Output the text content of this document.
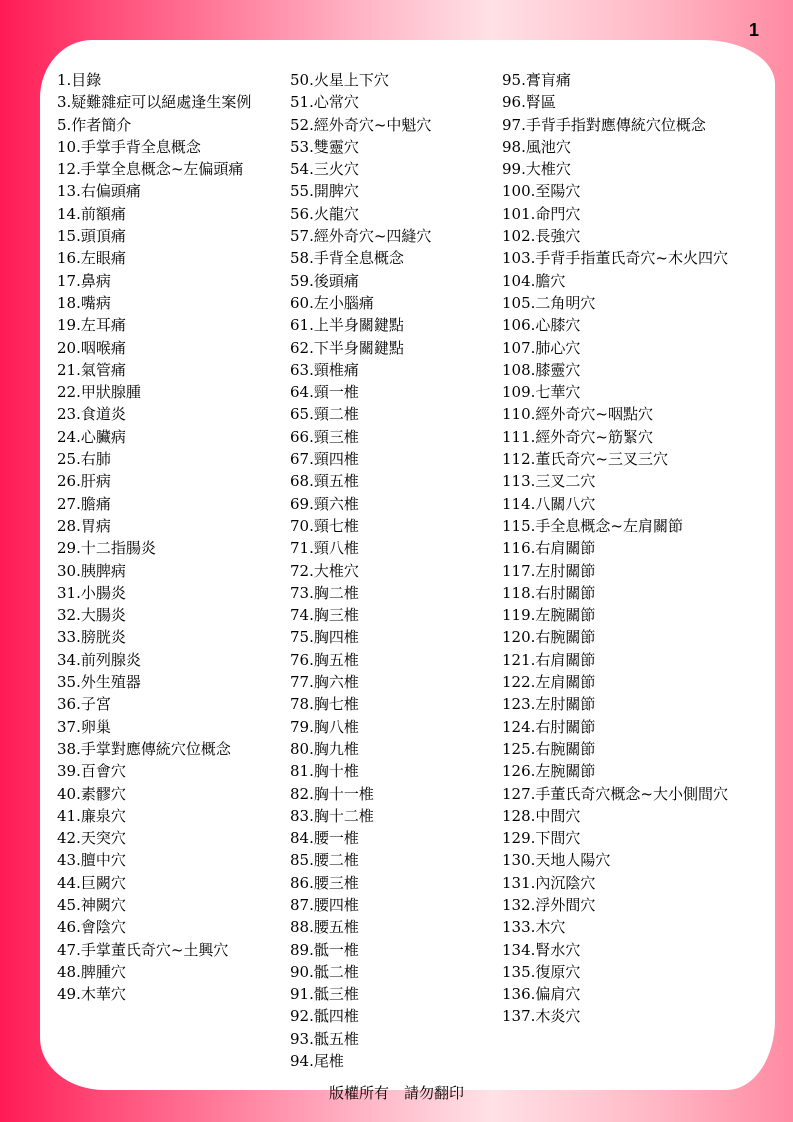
1
1.目錄
3.疑難雜症可以絕處逢生案例
5.作者簡介
10.手掌手背全息概念
12.手掌全息概念~左偏頭痛
13.右偏頭痛
14.前額痛
15.頭頂痛
16.左眼痛
17.鼻病
18.嘴病
19.左耳痛
20.咽喉痛
21.氣管痛
22.甲狀腺腫
23.食道炎
24.心臟病
25.右肺
26.肝病
27.膽痛
28.胃病
29.十二指腸炎
30.胰脾病
31.小腸炎
32.大腸炎
33.膀胱炎
34.前列腺炎
35.外生殖器
36.子宮
37.卵巢
38.手掌對應傳統穴位概念
39.百會穴
40.素髎穴
41.廉泉穴
42.天突穴
43.膻中穴
44.巨闕穴
45.神闕穴
46.會陰穴
47.手掌董氏奇穴~土興穴
48.脾腫穴
49.木華穴
50.火星上下穴
51.心常穴
52.經外奇穴~中魁穴
53.雙靈穴
54.三火穴
55.開脾穴
56.火龍穴
57.經外奇穴~四縫穴
58.手背全息概念
59.後頭痛
60.左小腦痛
61.上半身關鍵點
62.下半身關鍵點
63.頸椎痛
64.頸一椎
65.頸二椎
66.頸三椎
67.頸四椎
68.頸五椎
69.頸六椎
70.頸七椎
71.頸八椎
72.大椎穴
73.胸二椎
74.胸三椎
75.胸四椎
76.胸五椎
77.胸六椎
78.胸七椎
79.胸八椎
80.胸九椎
81.胸十椎
82.胸十一椎
83.胸十二椎
84.腰一椎
85.腰二椎
86.腰三椎
87.腰四椎
88.腰五椎
89.骶一椎
90.骶二椎
91.骶三椎
92.骶四椎
93.骶五椎
94.尾椎
95.膏肓痛
96.腎區
97.手背手指對應傳統穴位概念
98.風池穴
99.大椎穴
100.至陽穴
101.命門穴
102.長強穴
103.手背手指董氏奇穴~木火四穴
104.膽穴
105.二角明穴
106.心膝穴
107.肺心穴
108.膝靈穴
109.七華穴
110.經外奇穴~咽點穴
111.經外奇穴~筋緊穴
112.董氏奇穴~三叉三穴
113.三叉二穴
114.八關八穴
115.手全息概念~左肩關節
116.右肩關節
117.左肘關節
118.右肘關節
119.左腕關節
120.右腕關節
121.右肩關節
122.左肩關節
123.左肘關節
124.右肘關節
125.右腕關節
126.左腕關節
127.手董氏奇穴概念~大小側間穴
128.中間穴
129.下間穴
130.天地人陽穴
131.內沉陰穴
132.浮外間穴
133.木穴
134.腎水穴
135.復原穴
136.偏肩穴
137.木炎穴
版權所有　請勿翻印
